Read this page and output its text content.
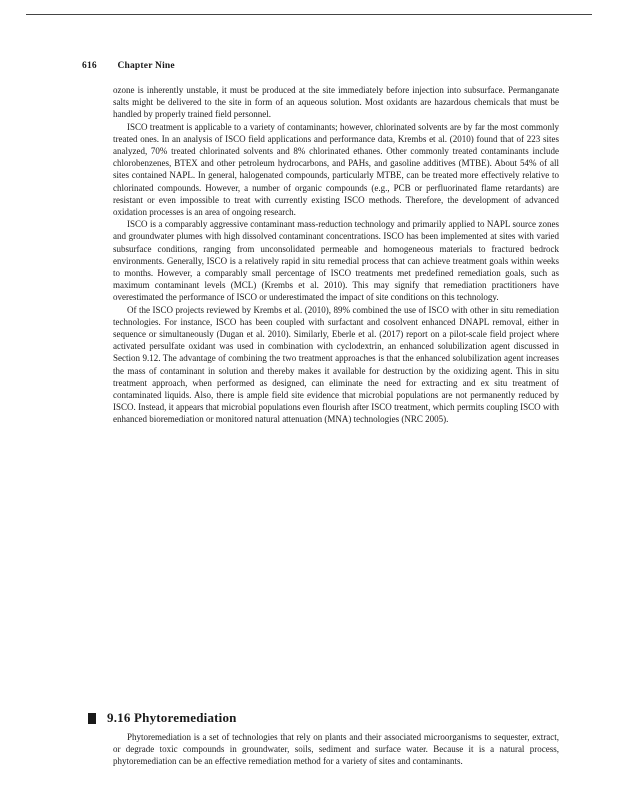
616 Chapter Nine

ozone is inherently unstable, it must be produced at the site immediately before injection into subsurface. Permanganate salts might be delivered to the site in form of an aqueous solution. Most oxidants are hazardous chemicals that must be handled by properly trained field personnel.

ISCO treatment is applicable to a variety of contaminants; however, chlorinated solvents are by far the most commonly treated ones. In an analysis of ISCO field applications and performance data, Krembs et al. (2010) found that of 223 sites analyzed, 70% treated chlorinated solvents and 8% chlorinated ethanes. Other commonly treated contaminants include chlorobenzenes, BTEX and other petroleum hydrocarbons, and PAHs, and gasoline additives (MTBE). About 54% of all sites contained NAPL. In general, halogenated compounds, particularly MTBE, can be treated more effectively relative to chlorinated compounds. However, a number of organic compounds (e.g., PCB or perfluorinated flame retardants) are resistant or even impossible to treat with currently existing ISCO methods. Therefore, the development of advanced oxidation processes is an area of ongoing research.

ISCO is a comparably aggressive contaminant mass-reduction technology and primarily applied to NAPL source zones and groundwater plumes with high dissolved contaminant concentrations. ISCO has been implemented at sites with varied subsurface conditions, ranging from unconsolidated permeable and homogeneous materials to fractured bedrock environments. Generally, ISCO is a relatively rapid in situ remedial process that can achieve treatment goals within weeks to months. However, a comparably small percentage of ISCO treatments met predefined remediation goals, such as maximum contaminant levels (MCL) (Krembs et al. 2010). This may signify that remediation practitioners have overestimated the performance of ISCO or underestimated the impact of site conditions on this technology.

Of the ISCO projects reviewed by Krembs et al. (2010), 89% combined the use of ISCO with other in situ remediation technologies. For instance, ISCO has been coupled with surfactant and cosolvent enhanced DNAPL removal, either in sequence or simultaneously (Dugan et al. 2010). Similarly, Eberle et al. (2017) report on a pilot-scale field project where activated persulfate oxidant was used in combination with cyclodextrin, an enhanced solubilization agent discussed in Section 9.12. The advantage of combining the two treatment approaches is that the enhanced solubilization agent increases the mass of contaminant in solution and thereby makes it available for destruction by the oxidizing agent. This in situ treatment approach, when performed as designed, can eliminate the need for extracting and ex situ treatment of contaminated liquids. Also, there is ample field site evidence that microbial populations are not permanently reduced by ISCO. Instead, it appears that microbial populations even flourish after ISCO treatment, which permits coupling ISCO with enhanced bioremediation or monitored natural attenuation (MNA) technologies (NRC 2005).

9.16 Phytoremediation

Phytoremediation is a set of technologies that rely on plants and their associated microorganisms to sequester, extract, or degrade toxic compounds in groundwater, soils, sediment and surface water. Because it is a natural process, phytoremediation can be an effective remediation method for a variety of sites and contaminants.
